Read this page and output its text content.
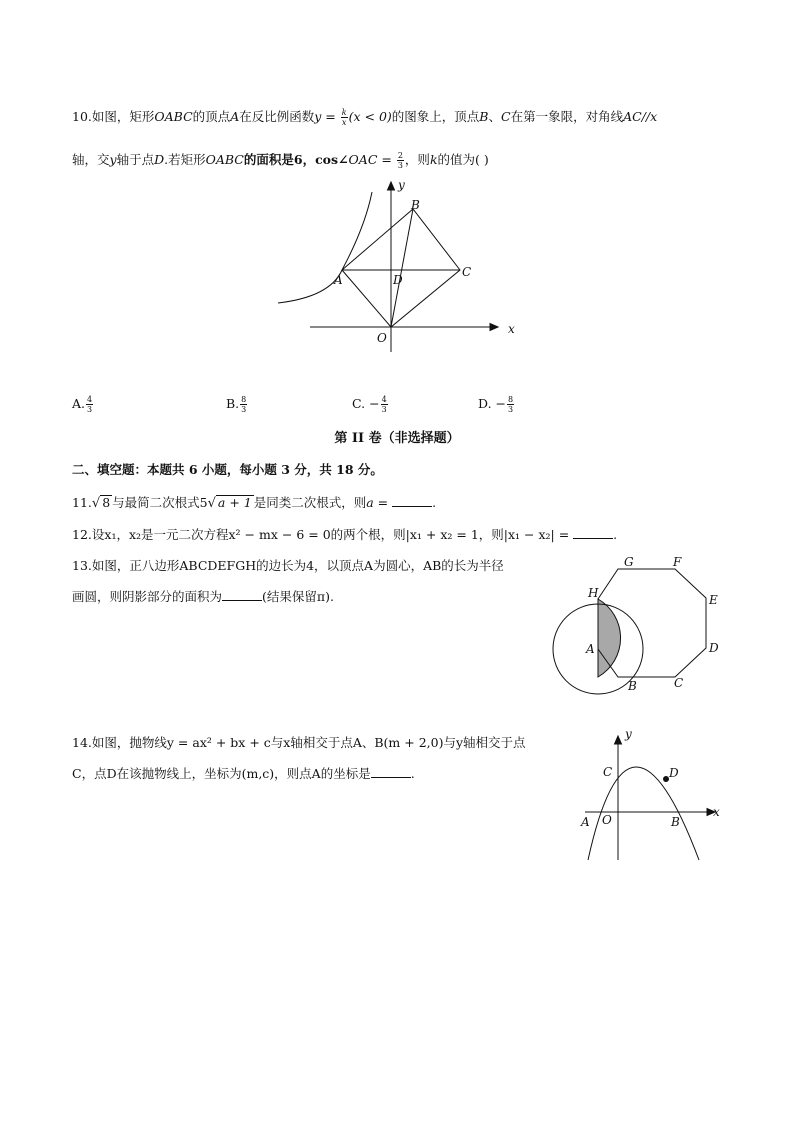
10.如图，矩形OABC的顶点A在反比例函数$y = \frac{k}{x} (x < 0)$的图象上，顶点B、C在第一象限，对角线AC//x
轴，交y轴于点D.若矩形OABC的面积是6，cos∠OAC = $\frac{2}{3}$ ，则k的值为( )
y
x
B
C
A	D
O
A. $\frac{4}{3}$	B. $\frac{8}{3}$	C. − $\frac{4}{3}$	D. − $\frac{8}{3}$
第 II 卷（非选择题）
二、填空题：本题共 6 小题，每小题 3 分，共 18 分。
11.√ 8 与最简二次根式5√ a + 1 是同类二次根式，则a =	.
12.设x₁，x₂是一元二次方程x² − mx − 6 = 0的两个根，则|x₁ + x₂ = 1，则|x₁ − x₂| =	.
13.如图，正八边形ABCDEFGH的边长为4，以顶点A为圆心，AB的长为半径
画圆，则阴影部分的面积为	(结果保留π).
G	F
H	E
A	D
B	C
14.如图，抛物线y = ax² + bx + c与x轴相交于点A、B(m + 2,0)与y轴相交于点
C，点D在该抛物线上，坐标为(m,c)，则点A的坐标是	.
y
x
C	D
A O	B
